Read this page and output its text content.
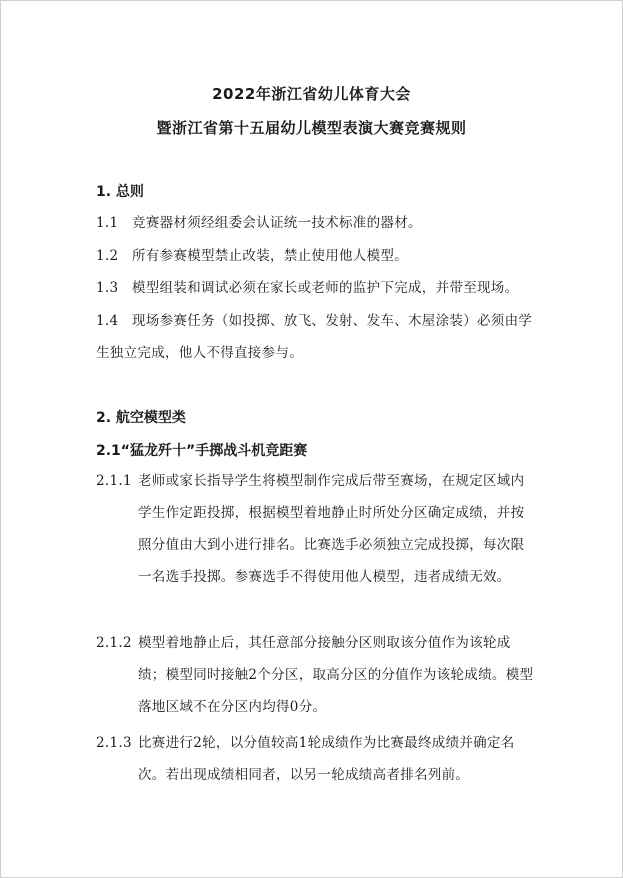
2022年浙江省幼儿体育大会
暨浙江省第十五届幼儿模型表演大赛竞赛规则
1. 总则
1.1 竞赛器材须经组委会认证统一技术标准的器材。
1.2 所有参赛模型禁止改装，禁止使用他人模型。
1.3 模型组装和调试必须在家长或老师的监护下完成，并带至现场。
1.4 现场参赛任务（如投掷、放飞、发射、发车、木屋涂装）必须由学生独立完成，他人不得直接参与。
2. 航空模型类
2.1“猛龙歼十”手掷战斗机竞距赛
2.1.1 老师或家长指导学生将模型制作完成后带至赛场，在规定区域内学生作定距投掷，根据模型着地静止时所处分区确定成绩，并按照分值由大到小进行排名。比赛选手必须独立完成投掷，每次限一名选手投掷。参赛选手不得使用他人模型，违者成绩无效。
2.1.2 模型着地静止后，其任意部分接触分区则取该分值作为该轮成绩；模型同时接触2个分区，取高分区的分值作为该轮成绩。模型落地区域不在分区内均得0分。
2.1.3 比赛进行2轮，以分值较高1轮成绩作为比赛最终成绩并确定名次。若出现成绩相同者，以另一轮成绩高者排名列前。
